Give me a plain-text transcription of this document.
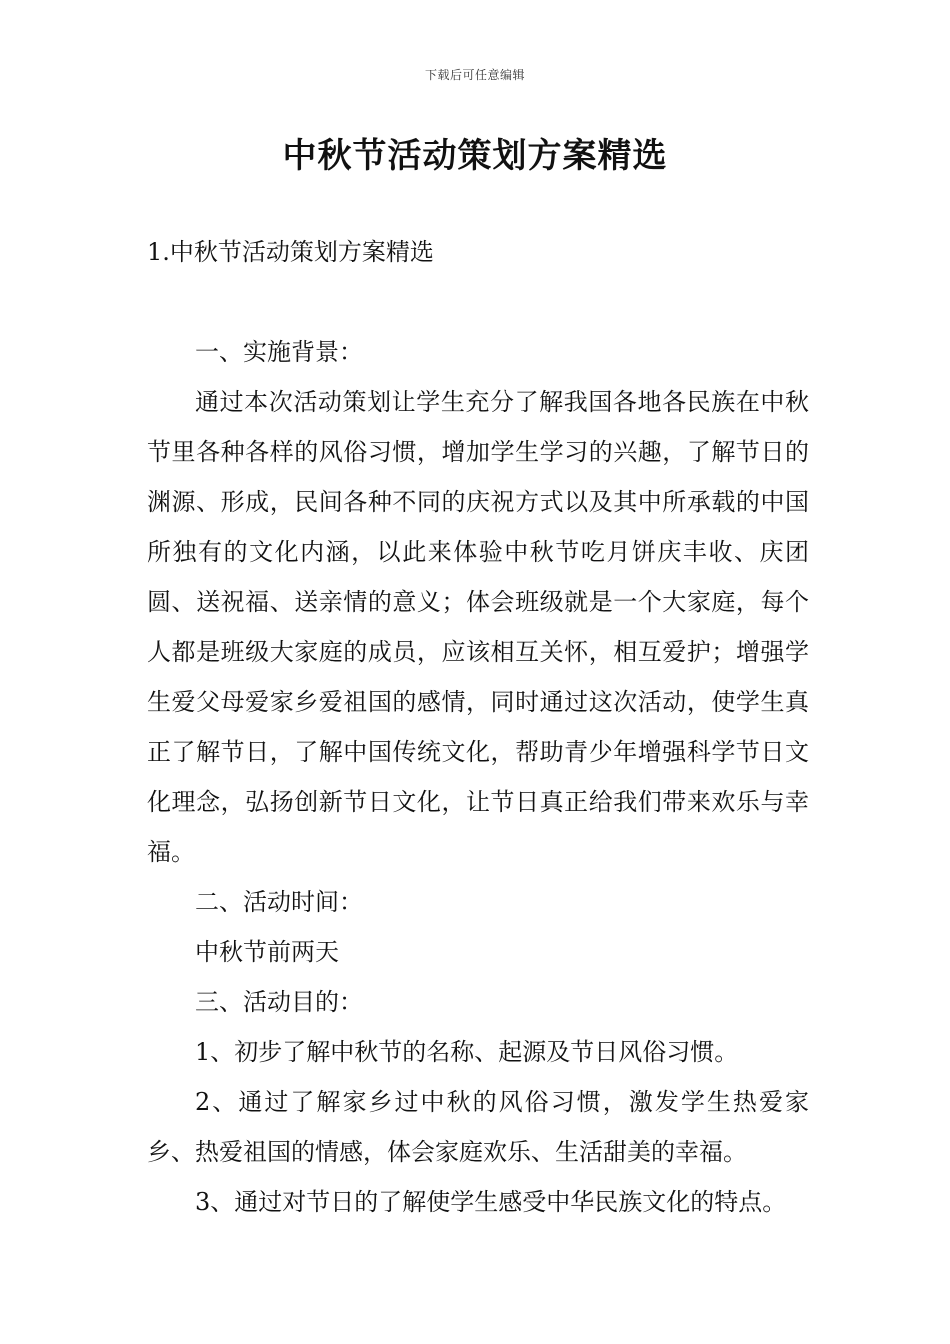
下载后可任意编辑
中秋节活动策划方案精选
1.中秋节活动策划方案精选

一、实施背景：

通过本次活动策划让学生充分了解我国各地各民族在中秋节里各种各样的风俗习惯，增加学生学习的兴趣，了解节日的渊源、形成，民间各种不同的庆祝方式以及其中所承载的中国所独有的文化内涵，以此来体验中秋节吃月饼庆丰收、庆团圆、送祝福、送亲情的意义；体会班级就是一个大家庭，每个人都是班级大家庭的成员，应该相互关怀，相互爱护；增强学生爱父母爱家乡爱祖国的感情，同时通过这次活动，使学生真正了解节日，了解中国传统文化，帮助青少年增强科学节日文化理念，弘扬创新节日文化，让节日真正给我们带来欢乐与幸福。

二、活动时间：

中秋节前两天

三、活动目的：

1、初步了解中秋节的名称、起源及节日风俗习惯。

2、通过了解家乡过中秋的风俗习惯，激发学生热爱家乡、热爱祖国的情感，体会家庭欢乐、生活甜美的幸福。

3、通过对节日的了解使学生感受中华民族文化的特点。
